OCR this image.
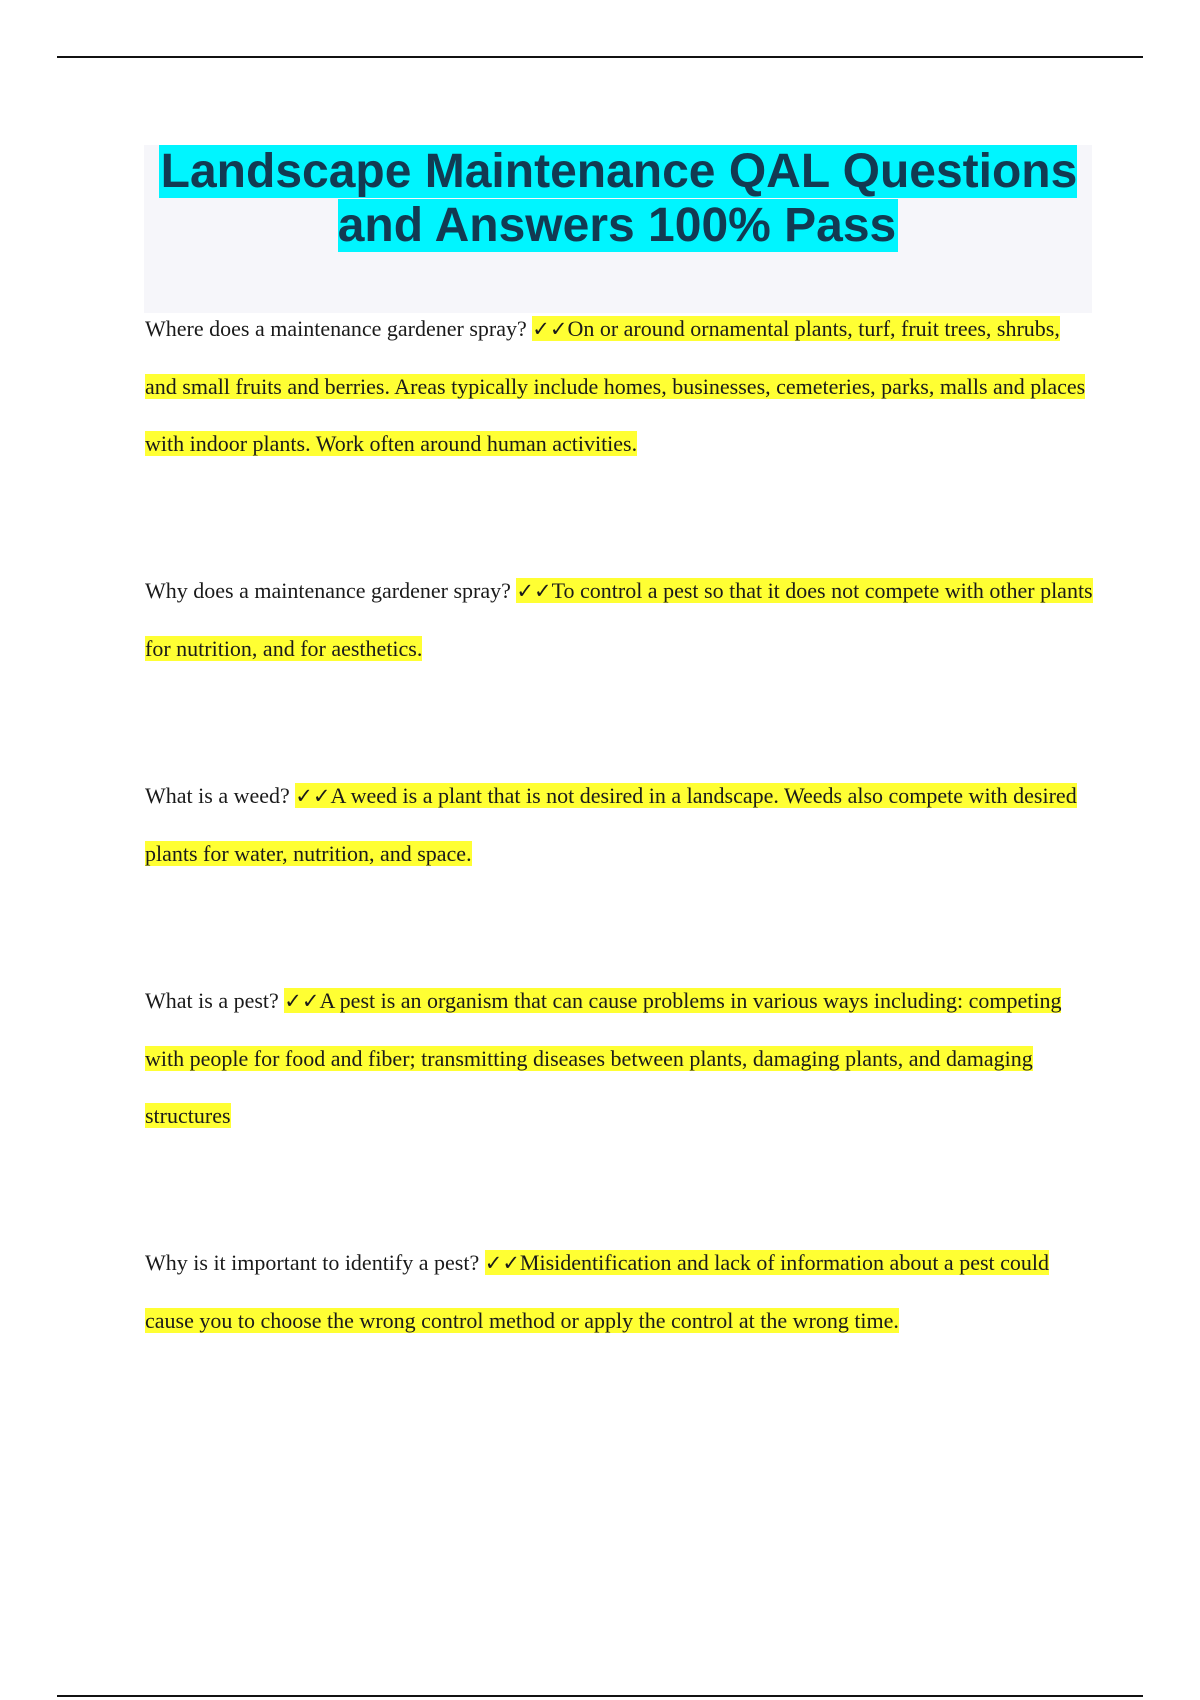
Landscape Maintenance QAL Questions and Answers 100% Pass

Where does a maintenance gardener spray? ✓✓On or around ornamental plants, turf, fruit trees, shrubs, and small fruits and berries. Areas typically include homes, businesses, cemeteries, parks, malls and places with indoor plants. Work often around human activities.

Why does a maintenance gardener spray? ✓✓To control a pest so that it does not compete with other plants for nutrition, and for aesthetics.

What is a weed? ✓✓A weed is a plant that is not desired in a landscape. Weeds also compete with desired plants for water, nutrition, and space.

What is a pest? ✓✓A pest is an organism that can cause problems in various ways including: competing with people for food and fiber; transmitting diseases between plants, damaging plants, and damaging structures

Why is it important to identify a pest? ✓✓Misidentification and lack of information about a pest could cause you to choose the wrong control method or apply the control at the wrong time.
